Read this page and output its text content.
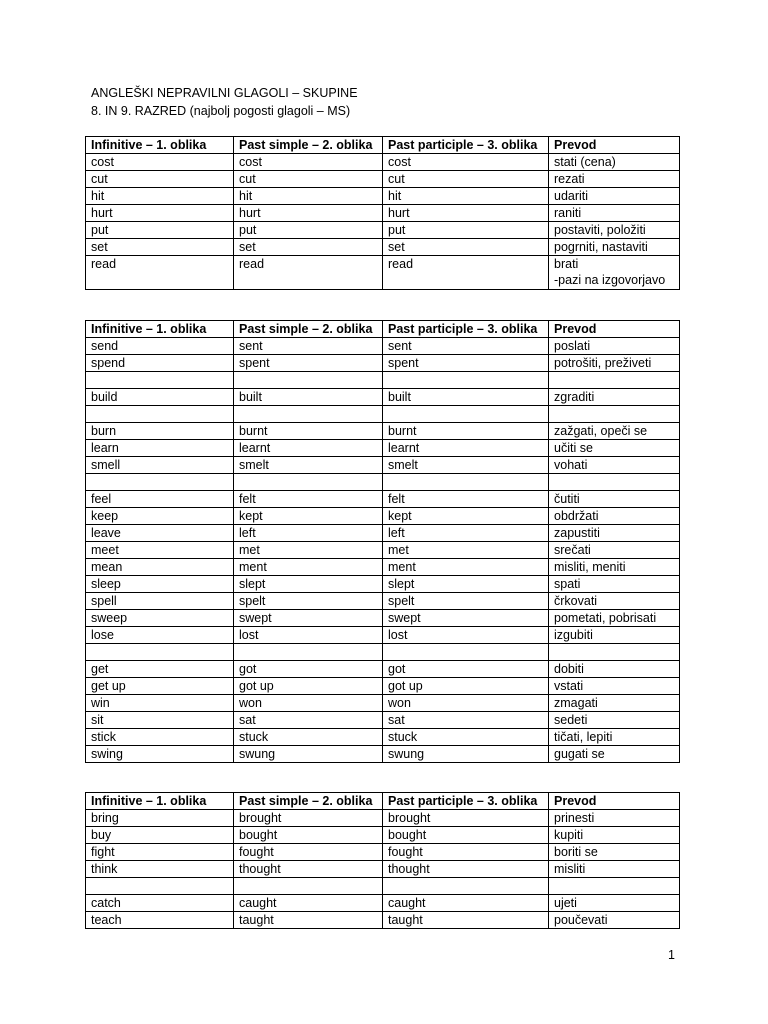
ANGLEŠKI NEPRAVILNI GLAGOLI – SKUPINE
8. IN 9. RAZRED (najbolj pogosti glagoli – MS)
Infinitive – 1. oblika	Past simple – 2. oblika	Past participle – 3. oblika	Prevod
cost	cost	cost	stati (cena)
cut	cut	cut	rezati
hit	hit	hit	udariti
hurt	hurt	hurt	raniti
put	put	put	postaviti, položiti
set	set	set	pogrniti, nastaviti
read	read	read	brati
-pazi na izgovorjavo
Infinitive – 1. oblika	Past simple – 2. oblika	Past participle – 3. oblika	Prevod
send	sent	sent	poslati
spend	spent	spent	potrošiti, preživeti

build	built	built	zgraditi

burn	burnt	burnt	zažgati, opeči se
learn	learnt	learnt	učiti se
smell	smelt	smelt	vohati

feel	felt	felt	čutiti
keep	kept	kept	obdržati
leave	left	left	zapustiti
meet	met	met	srečati
mean	ment	ment	misliti, meniti
sleep	slept	slept	spati
spell	spelt	spelt	črkovati
sweep	swept	swept	pometati, pobrisati
lose	lost	lost	izgubiti

get	got	got	dobiti
get up	got up	got up	vstati
win	won	won	zmagati
sit	sat	sat	sedeti
stick	stuck	stuck	tičati, lepiti
swing	swung	swung	gugati se
Infinitive – 1. oblika	Past simple – 2. oblika	Past participle – 3. oblika	Prevod
bring	brought	brought	prinesti
buy	bought	bought	kupiti
fight	fought	fought	boriti se
think	thought	thought	misliti

catch	caught	caught	ujeti
teach	taught	taught	poučevati
1
